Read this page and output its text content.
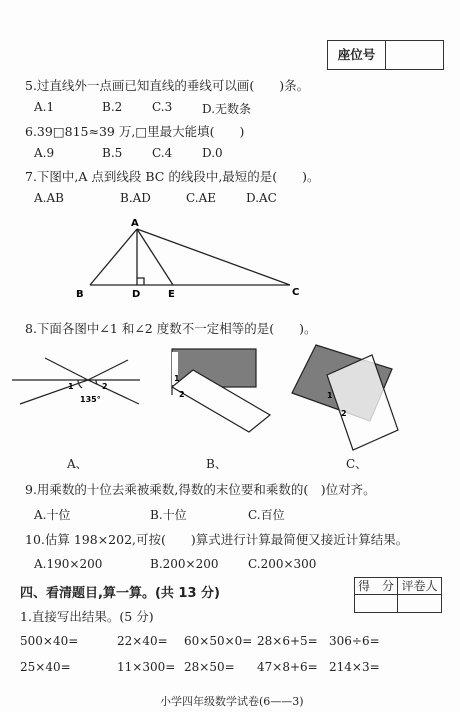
座位号
5.过直线外一点画已知直线的垂线可以画(　　)条。
A.1	B.2 C.3 D.无数条
6.39□815≈39 万,□里最大能填(　　)
A.9	B.5 C.4 D.0
7.下图中,A 点到线段 BC 的线段中,最短的是(　　)。
A.AB	B.AD	C.AE	D.AC
A
B	D	E	C
8.下面各图中∠1 和∠2 度数不一定相等的是(　　)。
1	2
135°
1
2	1
2
A、	B、	C、
9.用乘数的十位去乘被乘数,得数的末位要和乘数的(　)位对齐。
A.十位	B.十位	C.百位
10.估算 198×202,可按(　　)算式进行计算最简便又接近计算结果。
A.190×200	B.200×200 C.200×300
四、看清题目,算一算。(共 13 分)	得　分 评卷人
1.直接写出结果。(5 分)
500×40=	22×40= 60×50×0= 28×6+5= 306÷6=
25×40=	11×300= 28×50= 47×8+6= 214×3=
小学四年级数学试卷(6——3)
